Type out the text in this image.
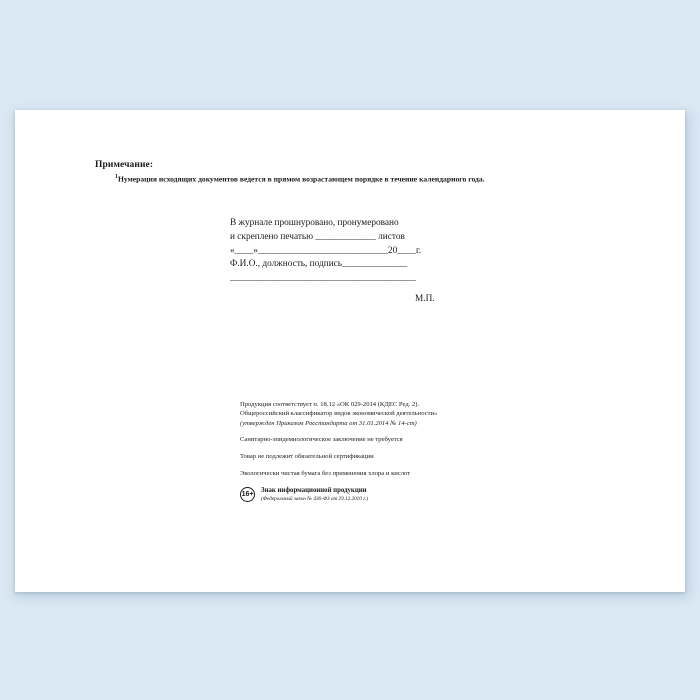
Примечание:
$^1$Нумерация исходящих документов ведется в прямом возрастающем порядке в течение календарного года.
В журнале прошнуровано, пронумеровано
и скреплено печатью _____________ листов
«____»____________________________20____г.
Ф.И.О., должность, подпись______________
________________________________________
М.П.
Продукция соответствует п. 18.12 «ОК 029-2014 (КДЕС Ред. 2).
Общероссийский классификатор видов экономической деятельности»
(утвержден Приказом Росстандарта от 31.01.2014 № 14-ст)
Санитарно-эпидемиологическое заключение не требуется
Товар не подлежит обязательной сертификации
Экологически чистая бумага без применения хлора и кислот
16+
Знак информационной продукции
(Федеральный закон № 436-ФЗ от 29.12.2010 г.)
